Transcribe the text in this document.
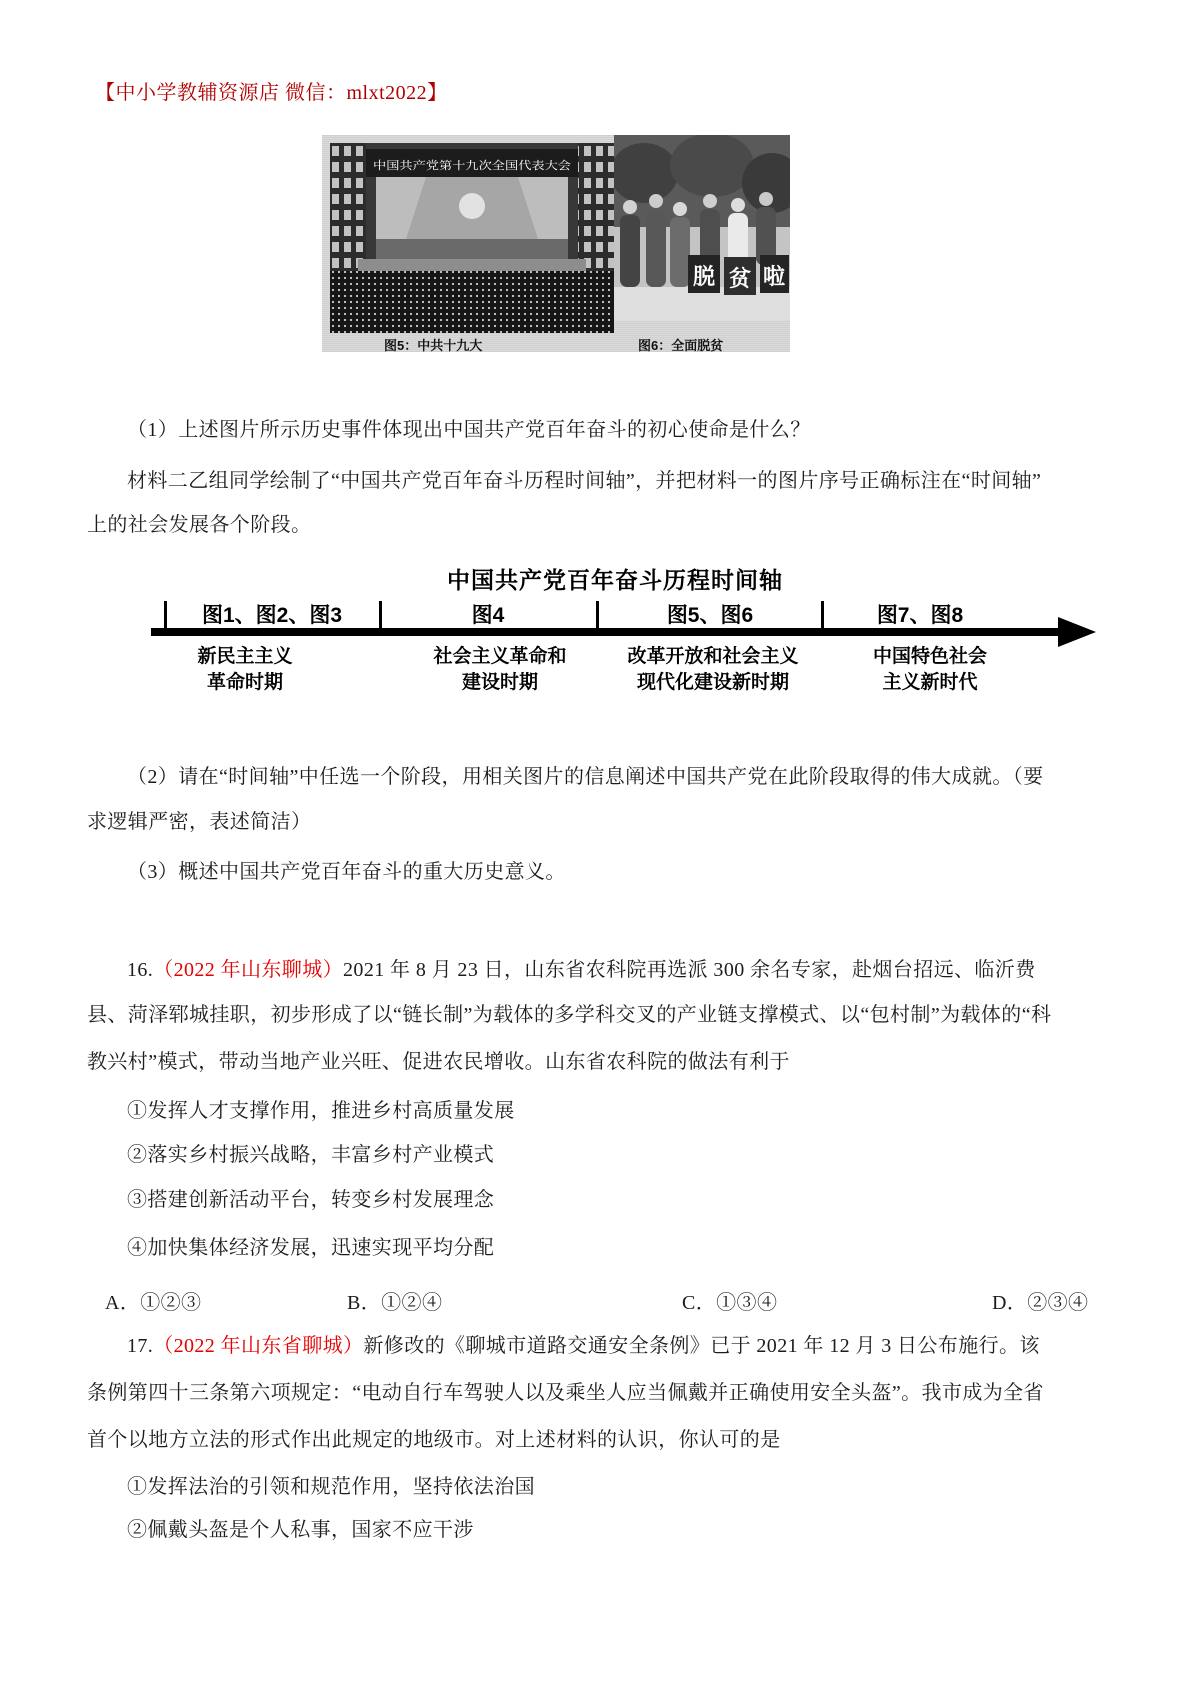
【中小学教辅资源店 微信：mlxt2022】
中国共产党第十九次全国代表大会
脱 贫 啦
图5：中共十九大	图6：全面脱贫
（1）上述图片所示历史事件体现出中国共产党百年奋斗的初心使命是什么？
材料二乙组同学绘制了“中国共产党百年奋斗历程时间轴”，并把材料一的图片序号正确标注在“时间轴”
上的社会发展各个阶段。
中国共产党百年奋斗历程时间轴
图1、图2、图3	图4	图5、图6	图7、图8
新民主主义
革命时期
社会主义革命和
建设时期
改革开放和社会主义
现代化建设新时期
中国特色社会
主义新时代
（2）请在“时间轴”中任选一个阶段，用相关图片的信息阐述中国共产党在此阶段取得的伟大成就。（要
求逻辑严密，表述简洁）
（3）概述中国共产党百年奋斗的重大历史意义。
16.（2022 年山东聊城）2021 年 8 月 23 日，山东省农科院再选派 300 余名专家，赴烟台招远、临沂费
县、菏泽郓城挂职，初步形成了以“链长制”为载体的多学科交叉的产业链支撑模式、以“包村制”为载体的“科
教兴村”模式，带动当地产业兴旺、促进农民增收。山东省农科院的做法有利于
①发挥人才支撑作用，推进乡村高质量发展
②落实乡村振兴战略，丰富乡村产业模式
③搭建创新活动平台，转变乡村发展理念
④加快集体经济发展，迅速实现平均分配
A．①②③	B．①②④	C．①③④	D．②③④
17.（2022 年山东省聊城）新修改的《聊城市道路交通安全条例》已于 2021 年 12 月 3 日公布施行。该
条例第四十三条第六项规定：“电动自行车驾驶人以及乘坐人应当佩戴并正确使用安全头盔”。我市成为全省
首个以地方立法的形式作出此规定的地级市。对上述材料的认识，你认可的是
①发挥法治的引领和规范作用，坚持依法治国
②佩戴头盔是个人私事，国家不应干涉
